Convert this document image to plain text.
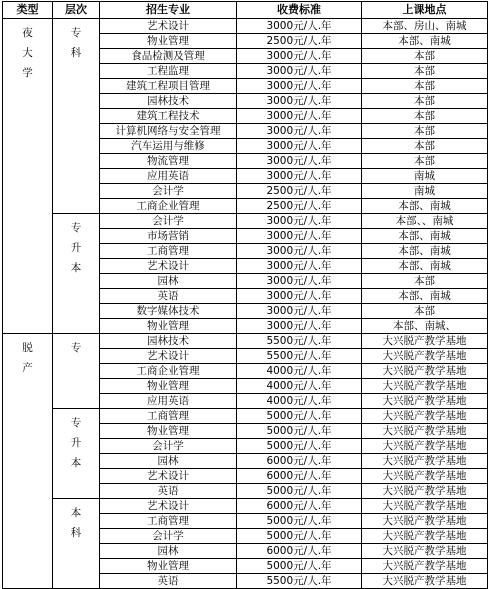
类型	层次	招生专业	收费标准	上课地点

夜
大
学	专
科	艺术设计	3000元/人.年	本部、房山、南城
		物业管理	2500元/人.年	本部、南城
		食品检测及管理	3000元/人.年	本部
		工程监理	3000元/人.年	本部
		建筑工程项目管理	3000元/人.年	本部
		园林技术	3000元/人.年	本部
		建筑工程技术	3000元/人.年	本部
		计算机网络与安全管理	3000元/人.年	本部
		汽车运用与维修	3000元/人.年	本部
		物流管理	3000元/人.年	本部
		应用英语	3000元/人.年	南城
		会计学	2500元/人.年	南城
		工商企业管理	2500元/人.年	本部、南城

	专
升
本	会计学	3000元/人.年	本部、、南城
		市场营销	3000元/人.年	本部、南城
		工商管理	3000元/人.年	本部、南城
		艺术设计	3000元/人.年	本部、南城
		园林	3000元/人.年	本部
		英语	3000元/人.年	本部、南城
		数字媒体技术	3000元/人.年	本部
		物业管理	3000元/人.年	本部、南城、

脱
产	专	园林技术	5500元/人.年	大兴脱产教学基地
		艺术设计	5500元/人.年	大兴脱产教学基地
		工商企业管理	4000元/人.年	大兴脱产教学基地
		物业管理	4000元/人.年	大兴脱产教学基地
		应用英语	4000元/人.年	大兴脱产教学基地

	专
升
本	工商管理	5000元/人.年	大兴脱产教学基地
		物业管理	5000元/人.年	大兴脱产教学基地
		会计学	5000元/人.年	大兴脱产教学基地
		园林	6000元/人.年	大兴脱产教学基地
		艺术设计	6000元/人.年	大兴脱产教学基地
		英语	5000元/人.年	大兴脱产教学基地

	本
科	艺术设计	6000元/人.年	大兴脱产教学基地
		工商管理	5000元/人.年	大兴脱产教学基地
		会计学	5000元/人.年	大兴脱产教学基地
		园林	6000元/人.年	大兴脱产教学基地
		物业管理	5000元/人.年	大兴脱产教学基地
		英语	5500元/人.年	大兴脱产教学基地
